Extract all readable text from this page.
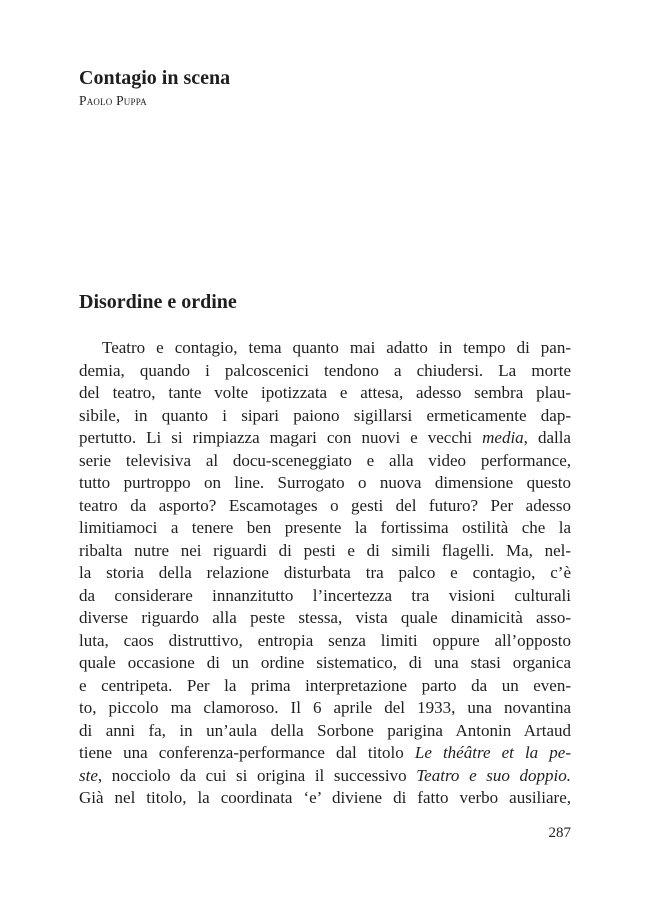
Contagio in scena
Paolo Puppa
Disordine e ordine
Teatro e contagio, tema quanto mai adatto in tempo di pan-
demia, quando i palcoscenici tendono a chiudersi. La morte
del teatro, tante volte ipotizzata e attesa, adesso sembra plau-
sibile, in quanto i sipari paiono sigillarsi ermeticamente dap-
pertutto. Li si rimpiazza magari con nuovi e vecchi media, dalla
serie televisiva al docu-sceneggiato e alla video performance,
tutto purtroppo on line. Surrogato o nuova dimensione questo
teatro da asporto? Escamotages o gesti del futuro? Per adesso
limitiamoci a tenere ben presente la fortissima ostilità che la
ribalta nutre nei riguardi di pesti e di simili flagelli. Ma, nel-
la storia della relazione disturbata tra palco e contagio, c’è
da considerare innanzitutto l’incertezza tra visioni culturali
diverse riguardo alla peste stessa, vista quale dinamicità asso-
luta, caos distruttivo, entropia senza limiti oppure all’opposto
quale occasione di un ordine sistematico, di una stasi organica
e centripeta. Per la prima interpretazione parto da un even-
to, piccolo ma clamoroso. Il 6 aprile del 1933, una novantina
di anni fa, in un’aula della Sorbone parigina Antonin Artaud
tiene una conferenza-performance dal titolo Le théâtre et la pe-
ste, nocciolo da cui si origina il successivo Teatro e suo doppio.
Già nel titolo, la coordinata ‘e’ diviene di fatto verbo ausiliare,
287
